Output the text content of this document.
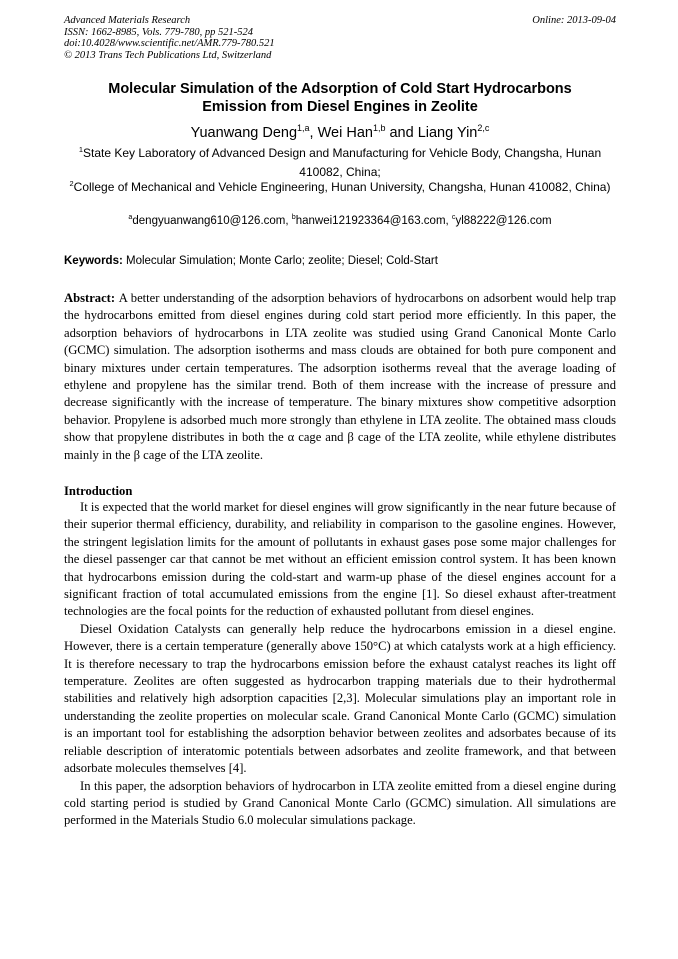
Advanced Materials Research
ISSN: 1662-8985, Vols. 779-780, pp 521-524
doi:10.4028/www.scientific.net/AMR.779-780.521
© 2013 Trans Tech Publications Ltd, Switzerland
Online: 2013-09-04
Molecular Simulation of the Adsorption of Cold Start Hydrocarbons
Emission from Diesel Engines in Zeolite
Yuanwang Deng$^{1,a}$, Wei Han$^{1,b}$ and Liang Yin$^{2,c}$
$^1$State Key Laboratory of Advanced Design and Manufacturing for Vehicle Body, Changsha, Hunan 410082, China;
$^2$College of Mechanical and Vehicle Engineering, Hunan University, Changsha, Hunan 410082, China)
$^a$dengyuanwang610@126.com, $^b$hanwei121923364@163.com, $^c$yl88222@126.com
Keywords: Molecular Simulation; Monte Carlo; zeolite; Diesel; Cold-Start
Abstract: A better understanding of the adsorption behaviors of hydrocarbons on adsorbent would help trap the hydrocarbons emitted from diesel engines during cold start period more efficiently. In this paper, the adsorption behaviors of hydrocarbons in LTA zeolite was studied using Grand Canonical Monte Carlo (GCMC) simulation. The adsorption isotherms and mass clouds are obtained for both pure component and binary mixtures under certain temperatures. The adsorption isotherms reveal that the average loading of ethylene and propylene has the similar trend. Both of them increase with the increase of pressure and decrease significantly with the increase of temperature. The binary mixtures show competitive adsorption behavior. Propylene is adsorbed much more strongly than ethylene in LTA zeolite. The obtained mass clouds show that propylene distributes in both the α cage and β cage of the LTA zeolite, while ethylene distributes mainly in the β cage of the LTA zeolite.
Introduction

It is expected that the world market for diesel engines will grow significantly in the near future because of their superior thermal efficiency, durability, and reliability in comparison to the gasoline engines. However, the stringent legislation limits for the amount of pollutants in exhaust gases pose some major challenges for the diesel passenger car that cannot be met without an efficient emission control system. It has been known that hydrocarbons emission during the cold-start and warm-up phase of the diesel engines account for a significant fraction of total accumulated emissions from the engine [1]. So diesel exhaust after-treatment technologies are the focal points for the reduction of exhausted pollutant from diesel engines.

Diesel Oxidation Catalysts can generally help reduce the hydrocarbons emission in a diesel engine. However, there is a certain temperature (generally above 150°C) at which catalysts work at a high efficiency. It is therefore necessary to trap the hydrocarbons emission before the exhaust catalyst reaches its light off temperature. Zeolites are often suggested as hydrocarbon trapping materials due to their hydrothermal stabilities and relatively high adsorption capacities [2,3]. Molecular simulations play an important role in understanding the zeolite properties on molecular scale. Grand Canonical Monte Carlo (GCMC) simulation is an important tool for establishing the adsorption behavior between zeolites and adsorbates because of its reliable description of interatomic potentials between adsorbates and zeolite framework, and that between adsorbate molecules themselves [4].

In this paper, the adsorption behaviors of hydrocarbon in LTA zeolite emitted from a diesel engine during cold starting period is studied by Grand Canonical Monte Carlo (GCMC) simulation. All simulations are performed in the Materials Studio 6.0 molecular simulations package.
